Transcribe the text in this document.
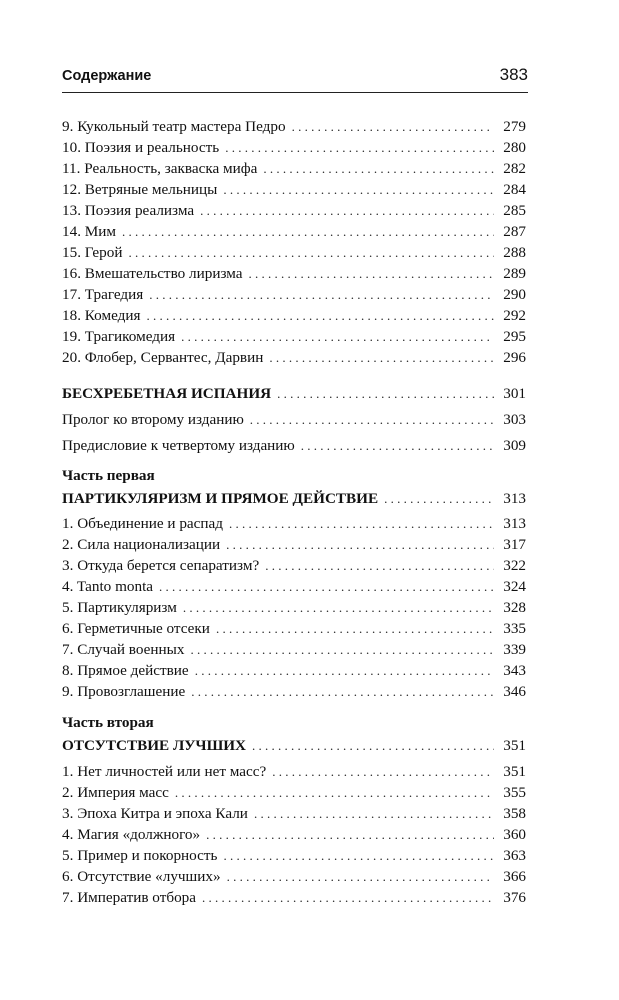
Содержание	383
9. Кукольный театр мастера Педро . . .	279
10. Поэзия и реальность . . .	280
11. Реальность, закваска мифа . . .	282
12. Ветряные мельницы . . .	284
13. Поэзия реализма . . .	285
14. Мим . . .	287
15. Герой . . .	288
16. Вмешательство лиризма . . .	289
17. Трагедия . . .	290
18. Комедия . . .	292
19. Трагикомедия . . .	295
20. Флобер, Сервантес, Дарвин . . .	296
БЕСХРЕБЕТНАЯ ИСПАНИЯ . . .	301
Пролог ко второму изданию . . .	303
Предисловие к четвертому изданию . . .	309
Часть первая
ПАРТИКУЛЯРИЗМ И ПРЯМОЕ ДЕЙСТВИЕ . . .	313
1. Объединение и распад . . .	313
2. Сила национализации . . .	317
3. Откуда берется сепаратизм? . . .	322
4. Tanto monta . . .	324
5. Партикуляризм . . .	328
6. Герметичные отсеки . . .	335
7. Случай военных . . .	339
8. Прямое действие . . .	343
9. Провозглашение . . .	346
Часть вторая
ОТСУТСТВИЕ ЛУЧШИХ . . .	351
1. Нет личностей или нет масс? . . .	351
2. Империя масс . . .	355
3. Эпоха Китра и эпоха Кали . . .	358
4. Магия «должного» . . .	360
5. Пример и покорность . . .	363
6. Отсутствие «лучших» . . .	366
7. Императив отбора . . .	376
